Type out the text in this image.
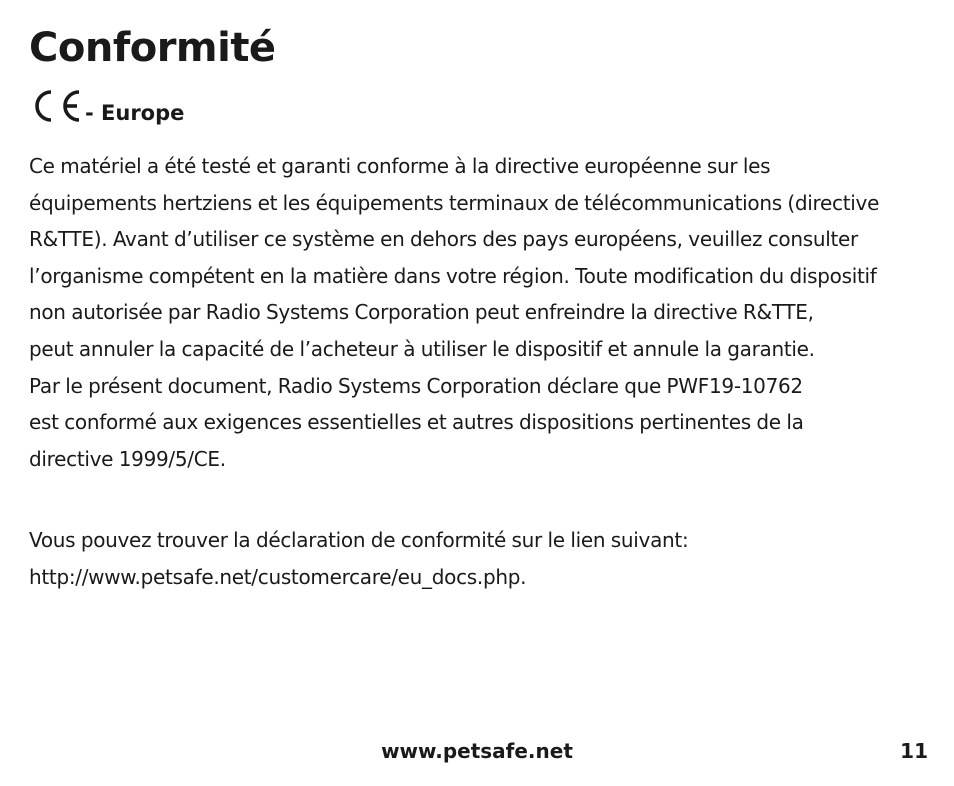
Conformité
- Europe
Ce matériel a été testé et garanti conforme à la directive européenne sur les
équipements hertziens et les équipements terminaux de télécommunications (directive
R&TTE). Avant d’utiliser ce système en dehors des pays européens, veuillez consulter
l’organisme compétent en la matière dans votre région. Toute modification du dispositif
non autorisée par Radio Systems Corporation peut enfreindre la directive R&TTE,
peut annuler la capacité de l’acheteur à utiliser le dispositif et annule la garantie.
Par le présent document, Radio Systems Corporation déclare que PWF19-10762
est conformé aux exigences essentielles et autres dispositions pertinentes de la
directive 1999/5/CE.
Vous pouvez trouver la déclaration de conformité sur le lien suivant:
http://www.petsafe.net/customercare/eu_docs.php.
www.petsafe.net	11
